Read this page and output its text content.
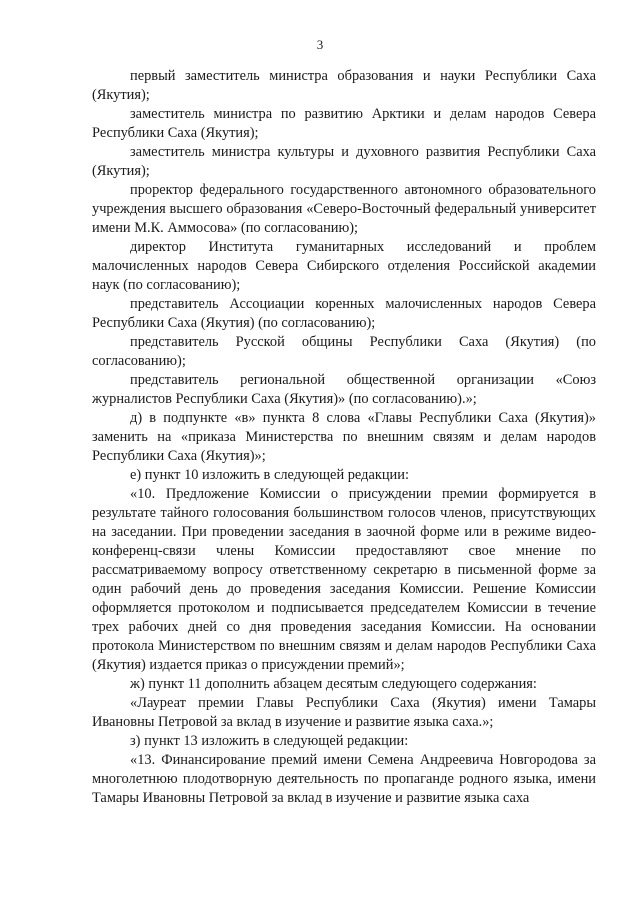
3

первый заместитель министра образования и науки Республики Саха (Якутия);

заместитель министра по развитию Арктики и делам народов Севера Республики Саха (Якутия);

заместитель министра культуры и духовного развития Республики Саха (Якутия);

проректор федерального государственного автономного образовательного учреждения высшего образования «Северо-Восточный федеральный университет имени М.К. Аммосова» (по согласованию);

директор Института гуманитарных исследований и проблем малочисленных народов Севера Сибирского отделения Российской академии наук (по согласованию);

представитель Ассоциации коренных малочисленных народов Севера Республики Саха (Якутия) (по согласованию);

представитель Русской общины Республики Саха (Якутия) (по согласованию);

представитель региональной общественной организации «Союз журналистов Республики Саха (Якутия)» (по согласованию).»;

д) в подпункте «в» пункта 8 слова «Главы Республики Саха (Якутия)» заменить на «приказа Министерства по внешним связям и делам народов Республики Саха (Якутия)»;

е) пункт 10 изложить в следующей редакции:

«10. Предложение Комиссии о присуждении премии формируется в результате тайного голосования большинством голосов членов, присутствующих на заседании. При проведении заседания в заочной форме или в режиме видео-конференц-связи члены Комиссии предоставляют свое мнение по рассматриваемому вопросу ответственному секретарю в письменной форме за один рабочий день до проведения заседания Комиссии. Решение Комиссии оформляется протоколом и подписывается председателем Комиссии в течение трех рабочих дней со дня проведения заседания Комиссии. На основании протокола Министерством по внешним связям и делам народов Республики Саха (Якутия) издается приказ о присуждении премий»;

ж) пункт 11 дополнить абзацем десятым следующего содержания:

«Лауреат премии Главы Республики Саха (Якутия) имени Тамары Ивановны Петровой за вклад в изучение и развитие языка саха.»;

з) пункт 13 изложить в следующей редакции:

«13. Финансирование премий имени Семена Андреевича Новгородова за многолетнюю плодотворную деятельность по пропаганде родного языка, имени Тамары Ивановны Петровой за вклад в изучение и развитие языка саха
